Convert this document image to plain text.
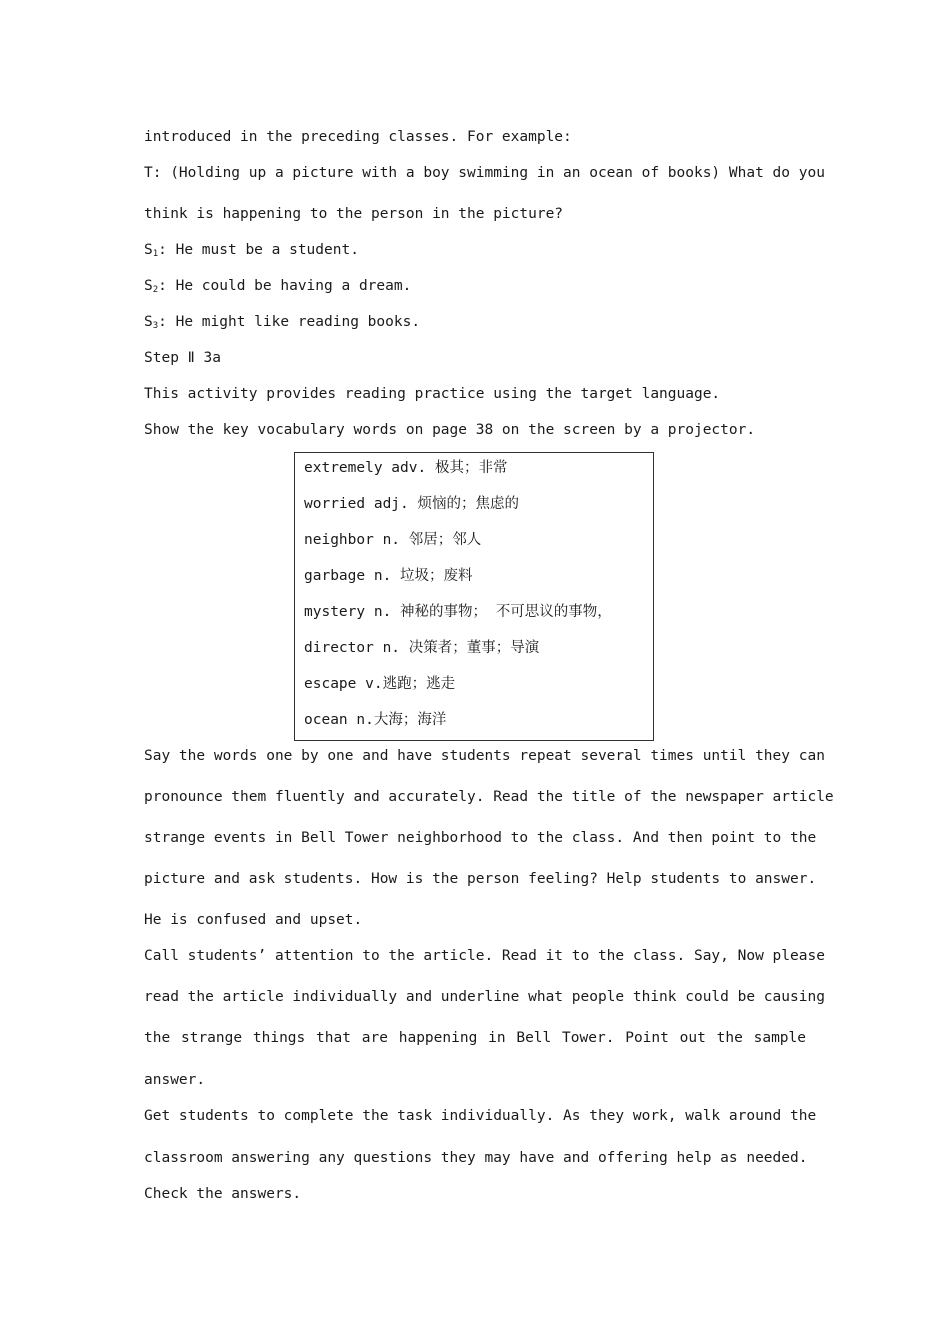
introduced in the preceding classes. For example:
T: (Holding up a picture with a boy swimming in an ocean of books) What do you
think is happening to the person in the picture?
$S_1$: He must be a student.
$S_2$: He could be having a dream.
$S_3$: He might like reading books.
Step Ⅱ 3a
This activity provides reading practice using the target language.
Show the key vocabulary words on page 38 on the screen by a projector.
extremely adv. 极其；非常
worried adj. 烦恼的；焦虑的
neighbor n. 邻居；邻人
garbage n. 垃圾；废料
mystery n. 神秘的事物； 不可思议的事物，
director n. 决策者；董事；导演
escape v.逃跑；逃走
ocean n.大海；海洋
Say the words one by one and have students repeat several times until they can
pronounce them fluently and accurately. Read the title of the newspaper article
strange events in Bell Tower neighborhood to the class. And then point to the
picture and ask students. How is the person feeling? Help students to answer.
He is confused and upset.
Call students’ attention to the article. Read it to the class. Say, Now please
read the article individually and underline what people think could be causing
the strange things that are happening in Bell Tower. Point out the sample
answer.
Get students to complete the task individually. As they work, walk around the
classroom answering any questions they may have and offering help as needed.
Check the answers.
